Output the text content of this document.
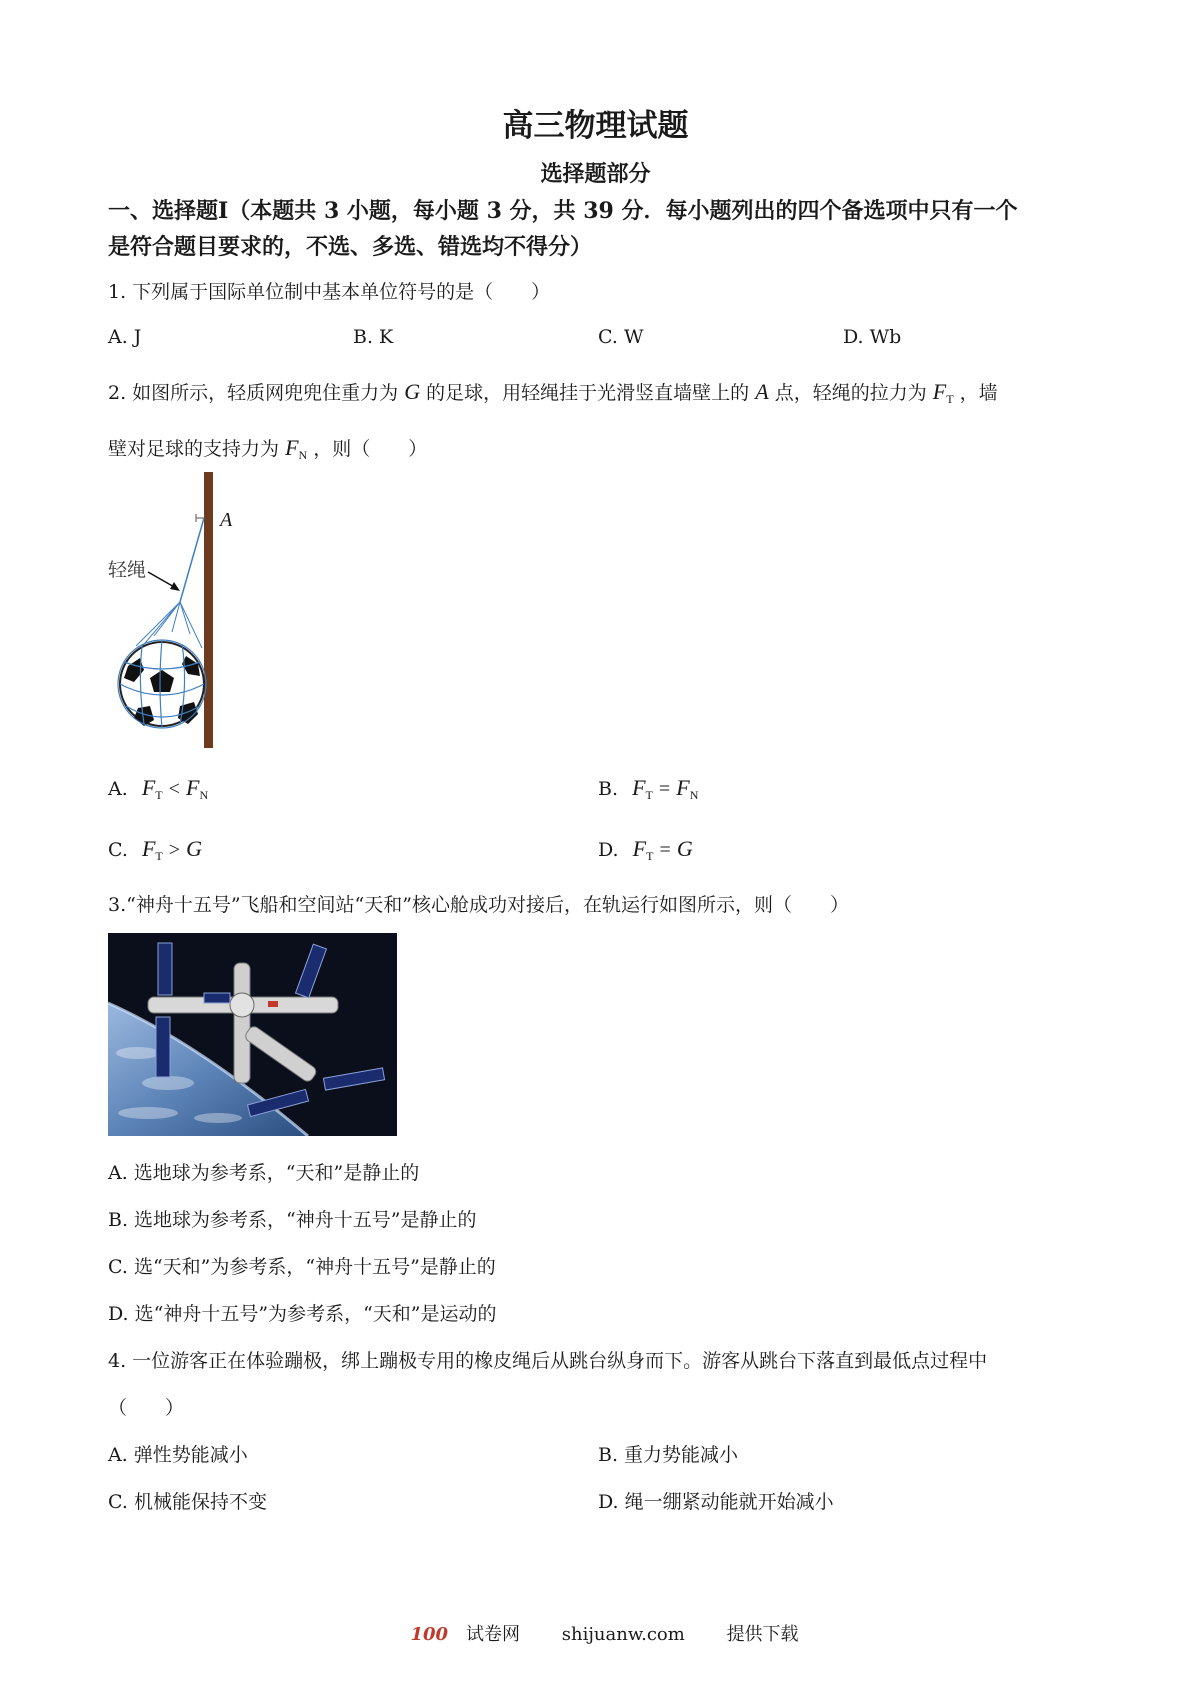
高三物理试题
选择题部分
一、选择题Ⅰ（本题共 3 小题，每小题 3 分，共 39 分．每小题列出的四个备选项中只有一个
是符合题目要求的，不选、多选、错选均不得分）
1. 下列属于国际单位制中基本单位符号的是（　　）
A. J	B. K	C. W	D. Wb
2. 如图所示，轻质网兜兜住重力为 G 的足球，用轻绳挂于光滑竖直墙壁上的 A 点，轻绳的拉力为 $F_T$ ，墙
壁对足球的支持力为 $F_N$ ，则（　　）
A
轻绳
A. $F_T < F_N$	B. $F_T = F_N$
C. $F_T > G$	D. $F_T = G$
3.“神舟十五号”飞船和空间站“天和”核心舱成功对接后，在轨运行如图所示，则（　　）
A. 选地球为参考系，“天和”是静止的
B. 选地球为参考系，“神舟十五号”是静止的
C. 选“天和”为参考系，“神舟十五号”是静止的
D. 选“神舟十五号”为参考系，“天和”是运动的
4. 一位游客正在体验蹦极，绑上蹦极专用的橡皮绳后从跳台纵身而下。游客从跳台下落直到最低点过程中
（　　）
A. 弹性势能减小	B. 重力势能减小
C. 机械能保持不变	D. 绳一绷紧动能就开始减小
100 试卷网 shijuanw.com 提供下载
